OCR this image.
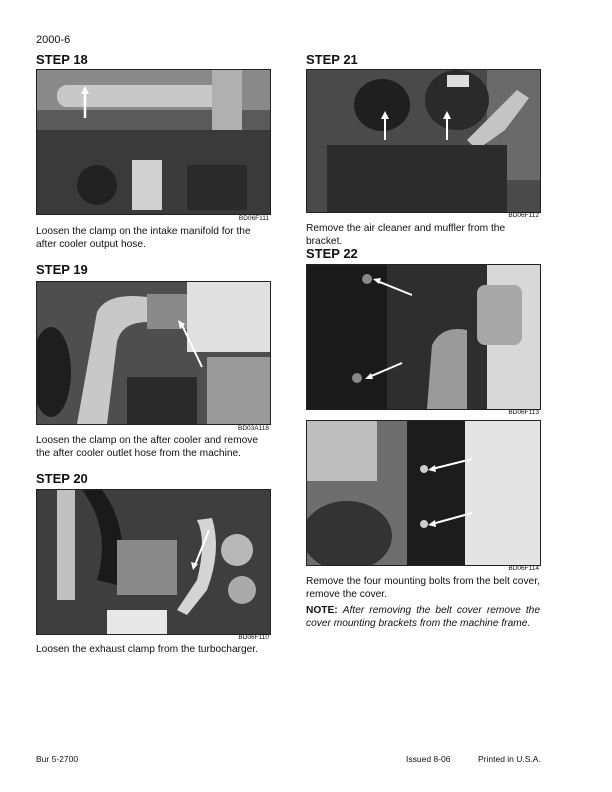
2000-6
STEP 18
BD06F111
Loosen the clamp on the intake manifold for the after cooler output hose.
STEP 19
BD03A118
Loosen the clamp on the after cooler and remove the after cooler outlet hose from the machine.
STEP 20
BD06F110
Loosen the exhaust clamp from the turbocharger.
STEP 21
BD06F112
Remove the air cleaner and muffler from the bracket.
STEP 22
BD06F113
BD06F114
Remove the four mounting bolts from the belt cover, remove the cover.
NOTE: After removing the belt cover remove the cover mounting brackets from the machine frame.
Bur 5-2700	Issued 8-06	Printed in U.S.A.
